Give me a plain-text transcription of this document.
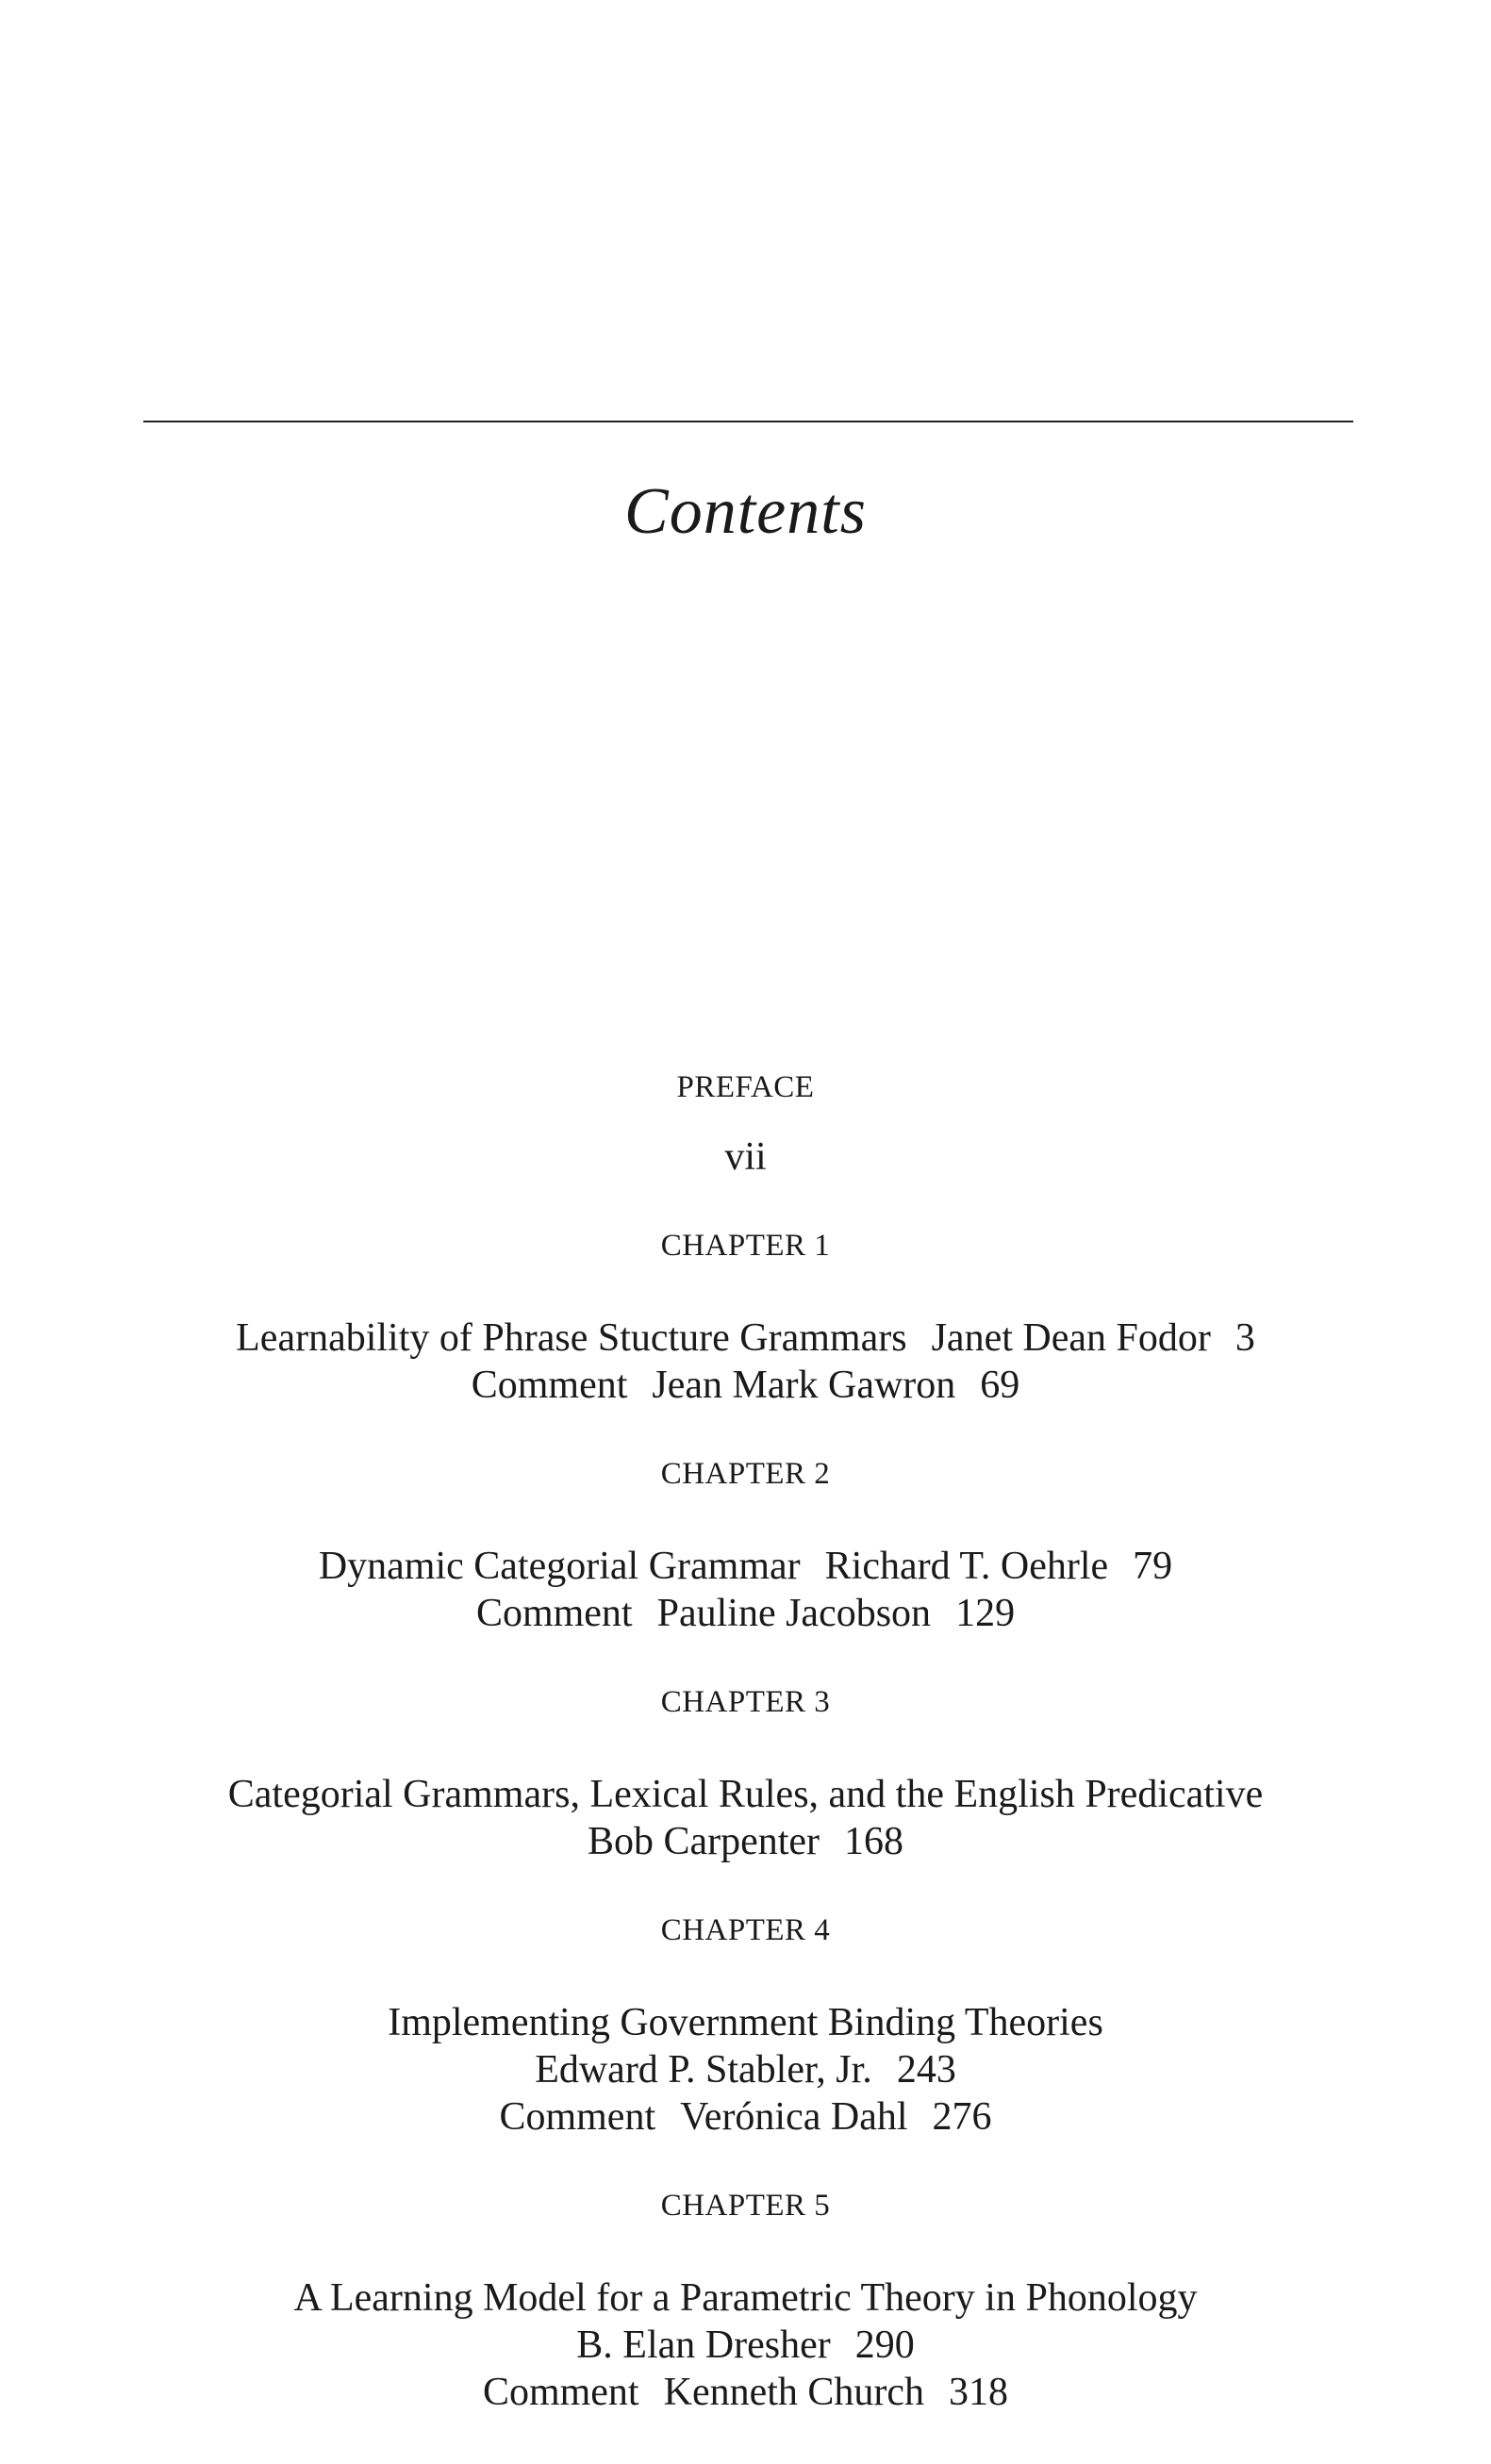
Contents
PREFACE
vii
CHAPTER 1
Learnability of Phrase Stucture Grammars Janet Dean Fodor 3
Comment Jean Mark Gawron 69
CHAPTER 2
Dynamic Categorial Grammar Richard T. Oehrle 79
Comment Pauline Jacobson 129
CHAPTER 3
Categorial Grammars, Lexical Rules, and the English Predicative
Bob Carpenter 168
CHAPTER 4
Implementing Government Binding Theories
Edward P. Stabler, Jr. 243
Comment Verónica Dahl 276
CHAPTER 5
A Learning Model for a Parametric Theory in Phonology
B. Elan Dresher 290
Comment Kenneth Church 318
